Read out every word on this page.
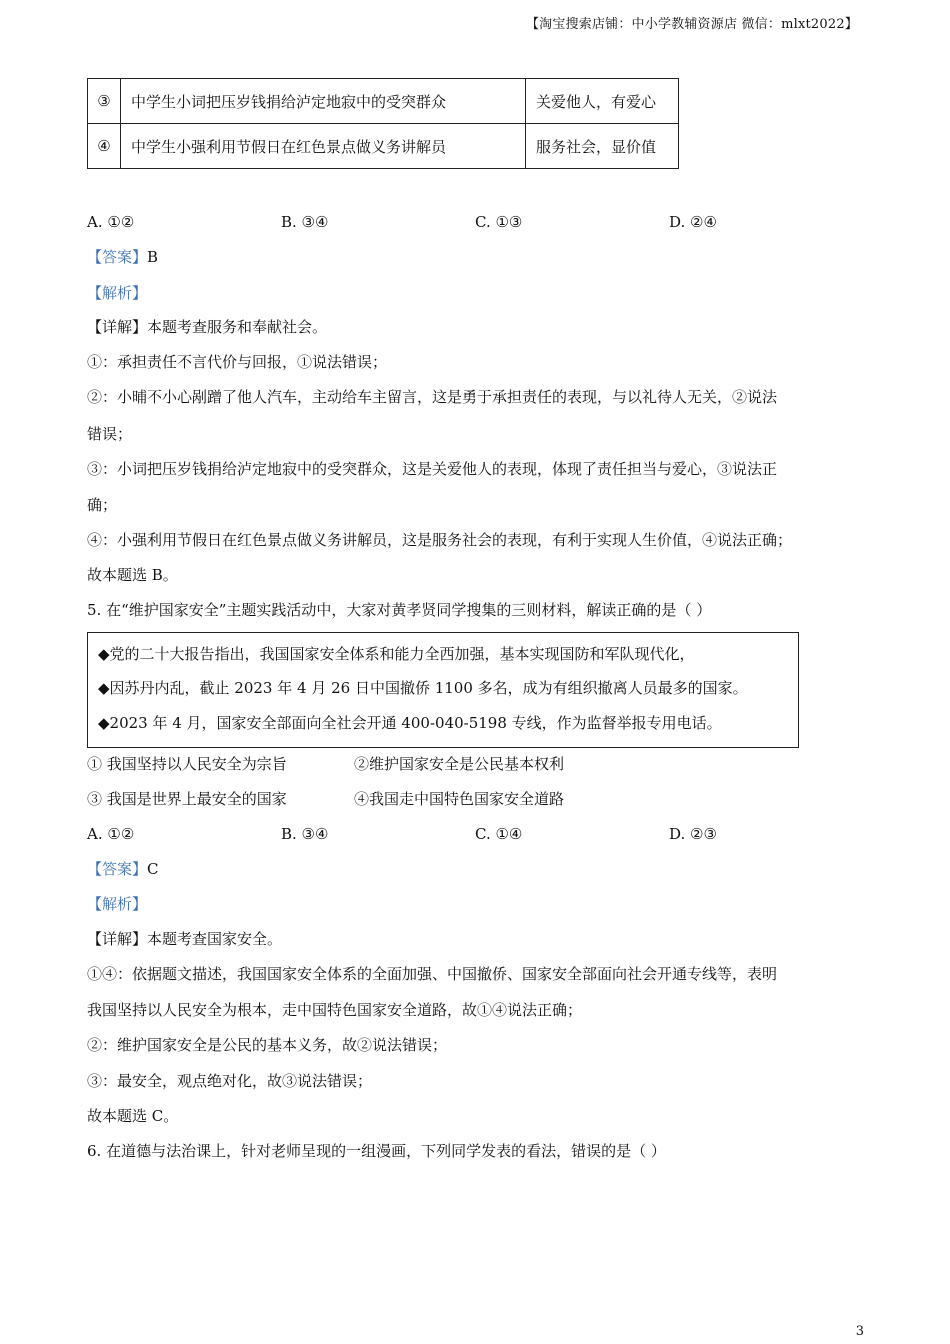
【淘宝搜索店铺：中小学教辅资源店 微信：mlxt2022】
③	中学生小词把压岁钱捐给泸定地寂中的受突群众	关爱他人，有爱心
④	中学生小强利用节假日在红色景点做义务讲解员	服务社会，显价值
A. ①②	B. ③④	C. ①③	D. ②④
【答案】B
【解析】
【详解】本题考查服务和奉献社会。
①：承担责任不言代价与回报，①说法错误；
②：小晡不小心剐蹭了他人汽车，主动给车主留言，这是勇于承担责任的表现，与以礼待人无关，②说法
错误；
③：小词把压岁钱捐给泸定地寂中的受突群众，这是关爱他人的表现，体现了责任担当与爱心，③说法正
确；
④：小强利用节假日在红色景点做义务讲解员，这是服务社会的表现，有利于实现人生价值，④说法正确；
故本题选 B。
5. 在“维护国家安全”主题实践活动中，大家对黄孝贤同学搜集的三则材料，解读正确的是（ ）
◆党的二十大报告指出，我国国家安全体系和能力全西加强，基本实现国防和军队现代化，
◆因苏丹内乱，截止 2023 年 4 月 26 日中国撤侨 1100 多名，成为有组织撤离人员最多的国家。
◆2023 年 4 月，国家安全部面向全社会开通 400-040-5198 专线，作为监督举报专用电话。
① 我国坚持以人民安全为宗旨	②维护国家安全是公民基本权利
③ 我国是世界上最安全的国家	④我国走中国特色国家安全道路
A. ①②	B. ③④	C. ①④	D. ②③
【答案】C
【解析】
【详解】本题考查国家安全。
①④：依据题文描述，我国国家安全体系的全面加强、中国撤侨、国家安全部面向社会开通专线等，表明
我国坚持以人民安全为根本，走中国特色国家安全道路，故①④说法正确；
②：维护国家安全是公民的基本义务，故②说法错误；
③：最安全，观点绝对化，故③说法错误；
故本题选 C。
6. 在道德与法治课上，针对老师呈现的一组漫画，下列同学发表的看法，错误的是（ ）
3
